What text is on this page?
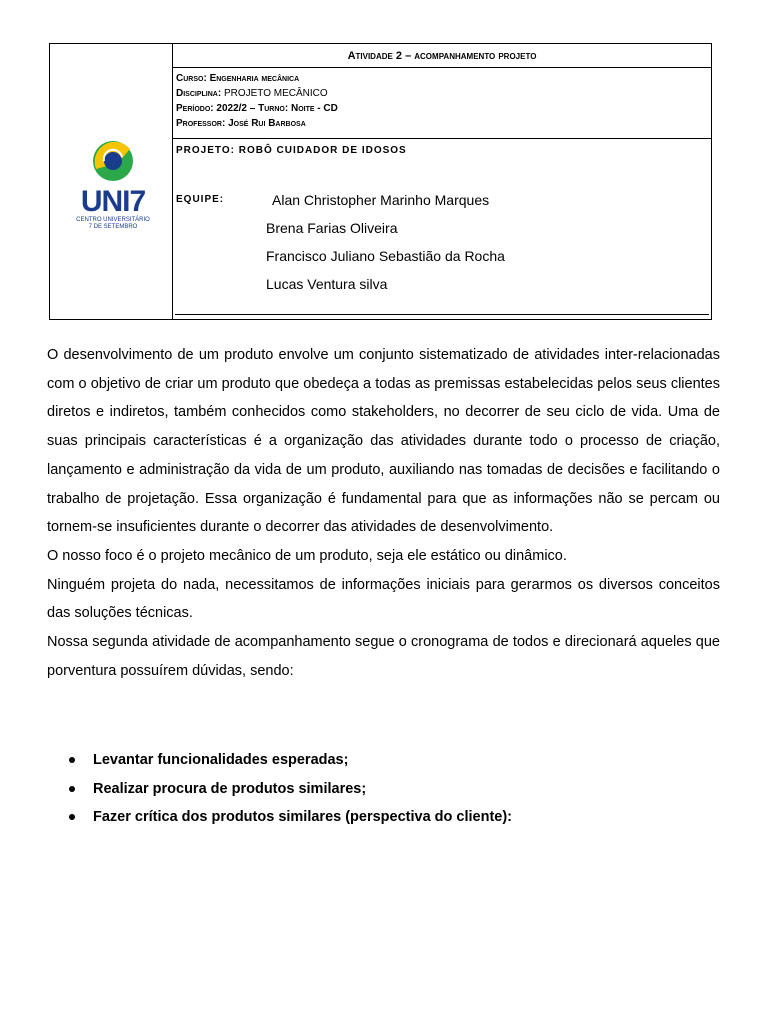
UNI7
CENTRO UNIVERSITÁRIO
7 DE SETEMBRO
Atividade 2 – acompanhamento projeto
Curso: Engenharia mecânica
Disciplina: PROJETO MECÂNICO
Período: 2022/2 – Turno: Noite - CD
Professor: José Rui Barbosa
PROJETO: ROBÔ CUIDADOR DE IDOSOS
EQUIPE:	Alan Christopher Marinho Marques
Brena Farias Oliveira
Francisco Juliano Sebastião da Rocha
Lucas Ventura silva

O desenvolvimento de um produto envolve um conjunto sistematizado de atividades inter-relacionadas com o objetivo de criar um produto que obedeça a todas as premissas estabelecidas pelos seus clientes diretos e indiretos, também conhecidos como stakeholders, no decorrer de seu ciclo de vida. Uma de suas principais características é a organização das atividades durante todo o processo de criação, lançamento e administração da vida de um produto, auxiliando nas tomadas de decisões e facilitando o trabalho de projetação. Essa organização é fundamental para que as informações não se percam ou tornem-se insuficientes durante o decorrer das atividades de desenvolvimento.

O nosso foco é o projeto mecânico de um produto, seja ele estático ou dinâmico.

Ninguém projeta do nada, necessitamos de informações iniciais para gerarmos os diversos conceitos das soluções técnicas.

Nossa segunda atividade de acompanhamento segue o cronograma de todos e direcionará aqueles que porventura possuírem dúvidas, sendo:

Levantar funcionalidades esperadas;
Realizar procura de produtos similares;
Fazer crítica dos produtos similares (perspectiva do cliente):
